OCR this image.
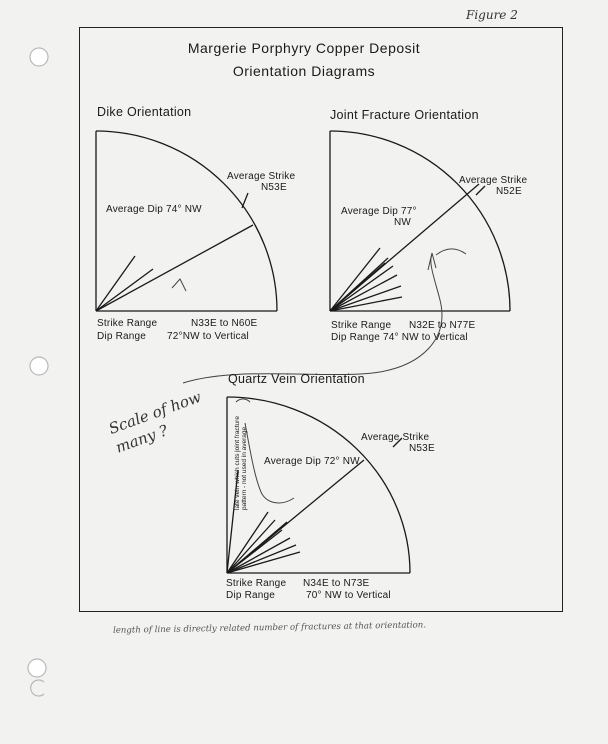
Figure 2
Margerie Porphyry Copper Deposit
Orientation Diagrams
Dike Orientation
Average Strike
N53E
Average Dip 74° NW
Strike Range	N33E to N60E
Dip Range 72°NW to Vertical
Joint Fracture Orientation
Average Strike
N52E
Average Dip 77°
NW
Strike Range N32E to N77E
Dip Range 74° NW to Vertical
Quartz Vein Orientation
Average Strike
N53E
Average Dip 72° NW
late vein which cuts joint fracture pattern - not used in average
Strike Range N34E to N73E
Dip Range	70° NW to Vertical
Scale of how many ?
length of line is directly related number of fractures at that orientation.
